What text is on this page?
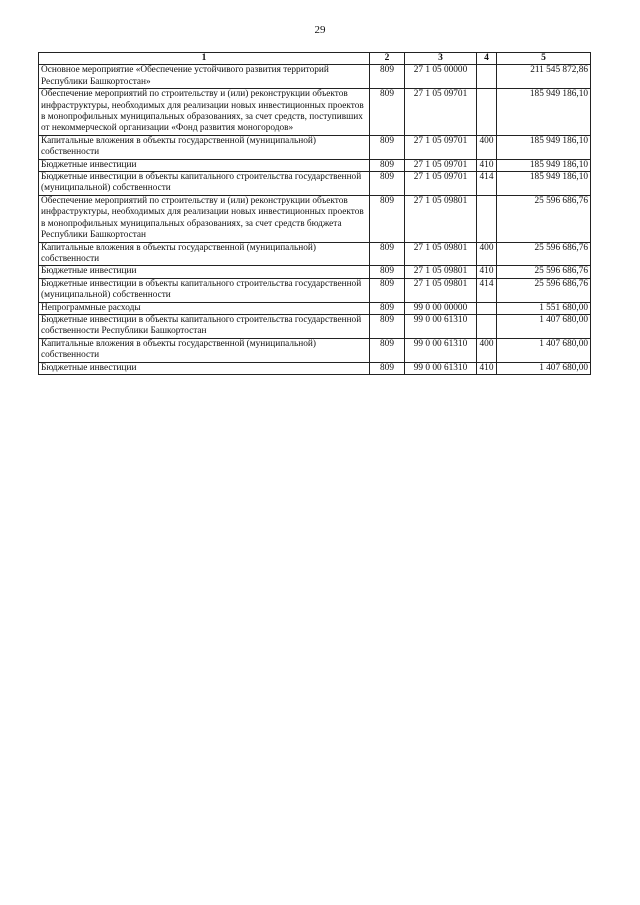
29
1	2	3	4	5
Основное мероприятие «Обеспечение устойчивого развития территорий Республики Башкортостан»	809	27 1 05 00000		211 545 872,86
Обеспечение мероприятий по строительству и (или) реконструкции объектов инфраструктуры, необходимых для реализации новых инвестиционных проектов в монопрофильных муниципальных образованиях, за счет средств, поступивших от некоммерческой организации «Фонд развития моногородов»	809	27 1 05 09701		185 949 186,10
Капитальные вложения в объекты государственной (муниципальной) собственности	809	27 1 05 09701	400	185 949 186,10
Бюджетные инвестиции	809	27 1 05 09701	410	185 949 186,10
Бюджетные инвестиции в объекты капитального строительства государственной (муниципальной) собственности	809	27 1 05 09701	414	185 949 186,10
Обеспечение мероприятий по строительству и (или) реконструкции объектов инфраструктуры, необходимых для реализации новых инвестиционных проектов в монопрофильных муниципальных образованиях, за счет средств бюджета Республики Башкортостан	809	27 1 05 09801		25 596 686,76
Капитальные вложения в объекты государственной (муниципальной) собственности	809	27 1 05 09801	400	25 596 686,76
Бюджетные инвестиции	809	27 1 05 09801	410	25 596 686,76
Бюджетные инвестиции в объекты капитального строительства государственной (муниципальной) собственности	809	27 1 05 09801	414	25 596 686,76
Непрограммные расходы	809	99 0 00 00000		1 551 680,00
Бюджетные инвестиции в объекты капитального строительства государственной собственности Республики Башкортостан	809	99 0 00 61310		1 407 680,00
Капитальные вложения в объекты государственной (муниципальной) собственности	809	99 0 00 61310	400	1 407 680,00
Бюджетные инвестиции	809	99 0 00 61310	410	1 407 680,00
